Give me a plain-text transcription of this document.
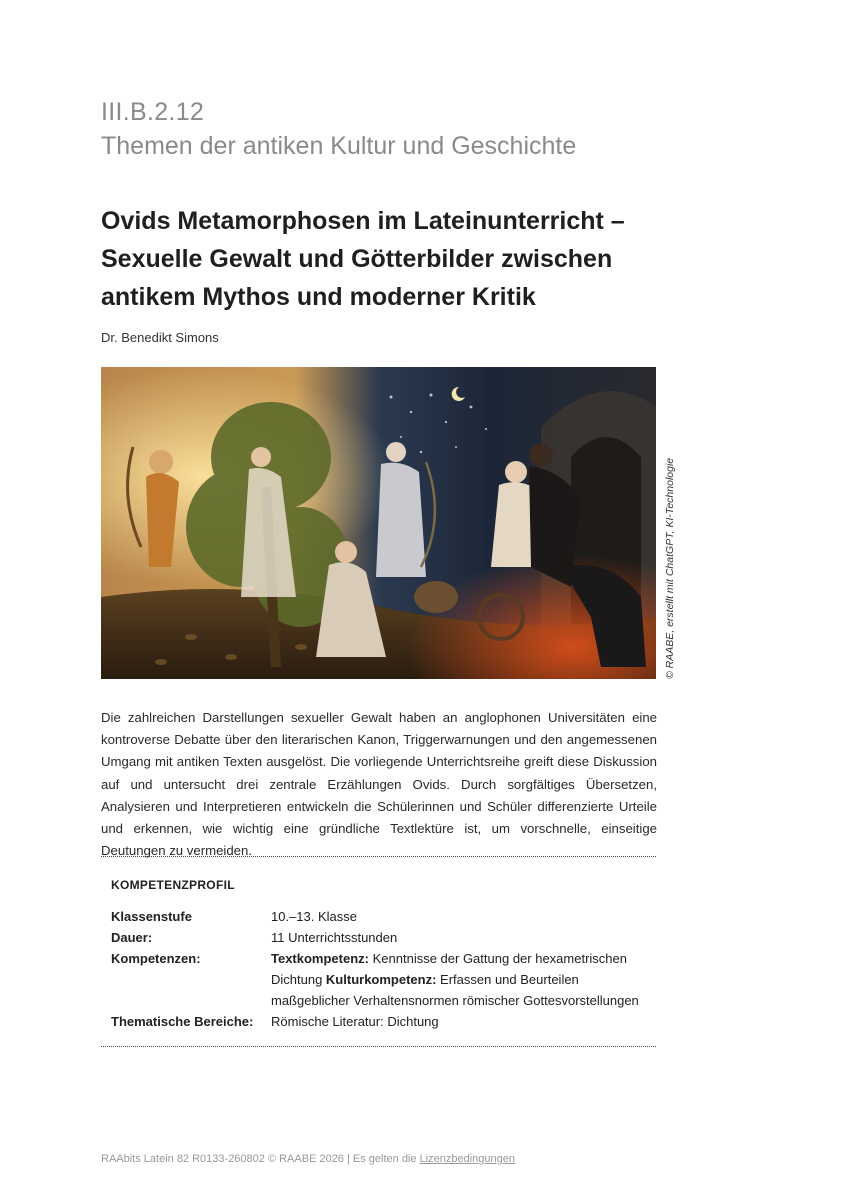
III.B.2.12
Themen der antiken Kultur und Geschichte
Ovids Metamorphosen im Lateinunterricht –
Sexuelle Gewalt und Götterbilder zwischen
antikem Mythos und moderner Kritik
Dr. Benedikt Simons
© RAABE, erstellt mit ChatGPT, KI-Technologie
Die zahlreichen Darstellungen sexueller Gewalt haben an anglophonen Universitäten eine kontroverse Debatte über den literarischen Kanon, Triggerwarnungen und den angemessenen Umgang mit antiken Texten ausgelöst. Die vorliegende Unterrichtsreihe greift diese Diskussion auf und untersucht drei zentrale Erzählungen Ovids. Durch sorgfältiges Übersetzen, Analysieren und Interpretieren entwickeln die Schülerinnen und Schüler differenzierte Urteile und erkennen, wie wichtig eine gründliche Textlektüre ist, um vorschnelle, einseitige Deutungen zu vermeiden.
KOMPETENZPROFIL
Klassenstufe	10.–13. Klasse
Dauer:	11 Unterrichtsstunden
Kompetenzen:	Textkompetenz: Kenntnisse der Gattung der hexametrischen Dichtung Kulturkompetenz: Erfassen und Beurteilen maßgeblicher Verhaltensnormen römischer Gottesvorstellungen
Thematische Bereiche:	Römische Literatur: Dichtung
RAAbits Latein 82 R0133-260802 © RAABE 2026 | Es gelten die Lizenzbedingungen
